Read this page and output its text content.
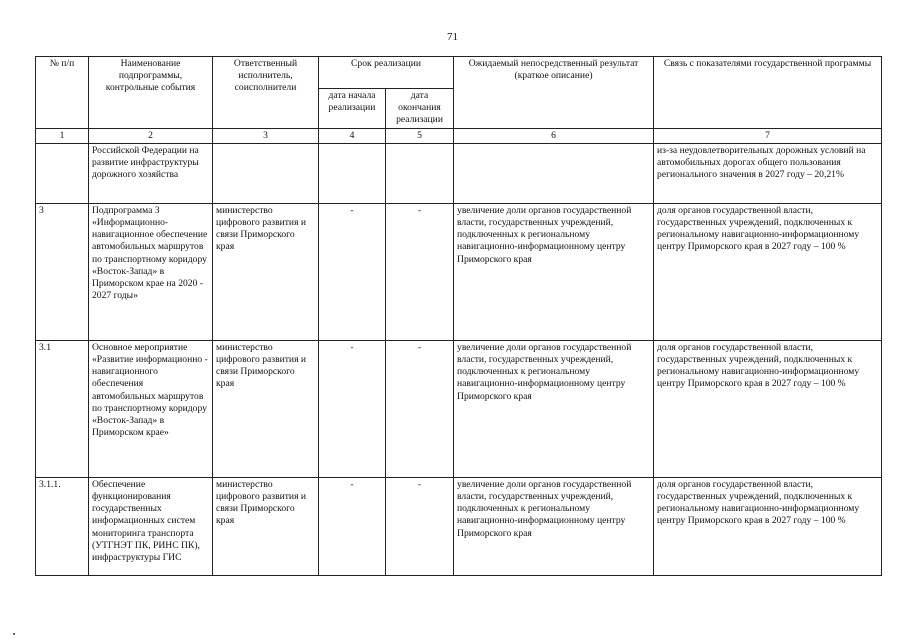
71
№ п/п	Наименование подпрограммы, контрольные события	Ответственный исполнитель, соисполнители	Срок реализации		Ожидаемый непосредственный результат (краткое описание)	Связь с показателями государственной программы
			дата начала реализации	дата окончания реализации		
1	2	3	4	5	6	7
	Российской Федерации на развитие инфраструктуры дорожного хозяйства					из-за неудовлетворительных дорожных условий на автомобильных дорогах общего пользования регионального значения в 2027 году – 20,21%
3	Подпрограмма 3 «Информационно-навигационное обеспечение автомобильных маршрутов по транспортному коридору «Восток-Запад» в Приморском крае на 2020 - 2027 годы»	министерство цифрового развития и связи Приморского края	-	-	увеличение доли органов государственной власти, государственных учреждений, подключенных к региональному навигационно-информационному центру Приморского края	доля органов государственной власти, государственных учреждений, подключенных к региональному навигационно-информационному центру Приморского края в 2027 году – 100 %
3.1	Основное мероприятие «Развитие информационно - навигационного обеспечения автомобильных маршрутов по транспортному коридору «Восток-Запад» в Приморском крае»	министерство цифрового развития и связи Приморского края	-	-	увеличение доли органов государственной власти, государственных учреждений, подключенных к региональному навигационно-информационному центру Приморского края	доля органов государственной власти, государственных учреждений, подключенных к региональному навигационно-информационному центру Приморского края в 2027 году – 100 %
3.1.1.	Обеспечение функционирования государственных информационных систем мониторинга транспорта (УТГНЭТ ПК, РИНС ПК), инфраструктуры ГИС	министерство цифрового развития и связи Приморского края	-	-	увеличение доли органов государственной власти, государственных учреждений, подключенных к региональному навигационно-информационному центру Приморского края	доля органов государственной власти, государственных учреждений, подключенных к региональному навигационно-информационному центру Приморского края в 2027 году – 100 %
